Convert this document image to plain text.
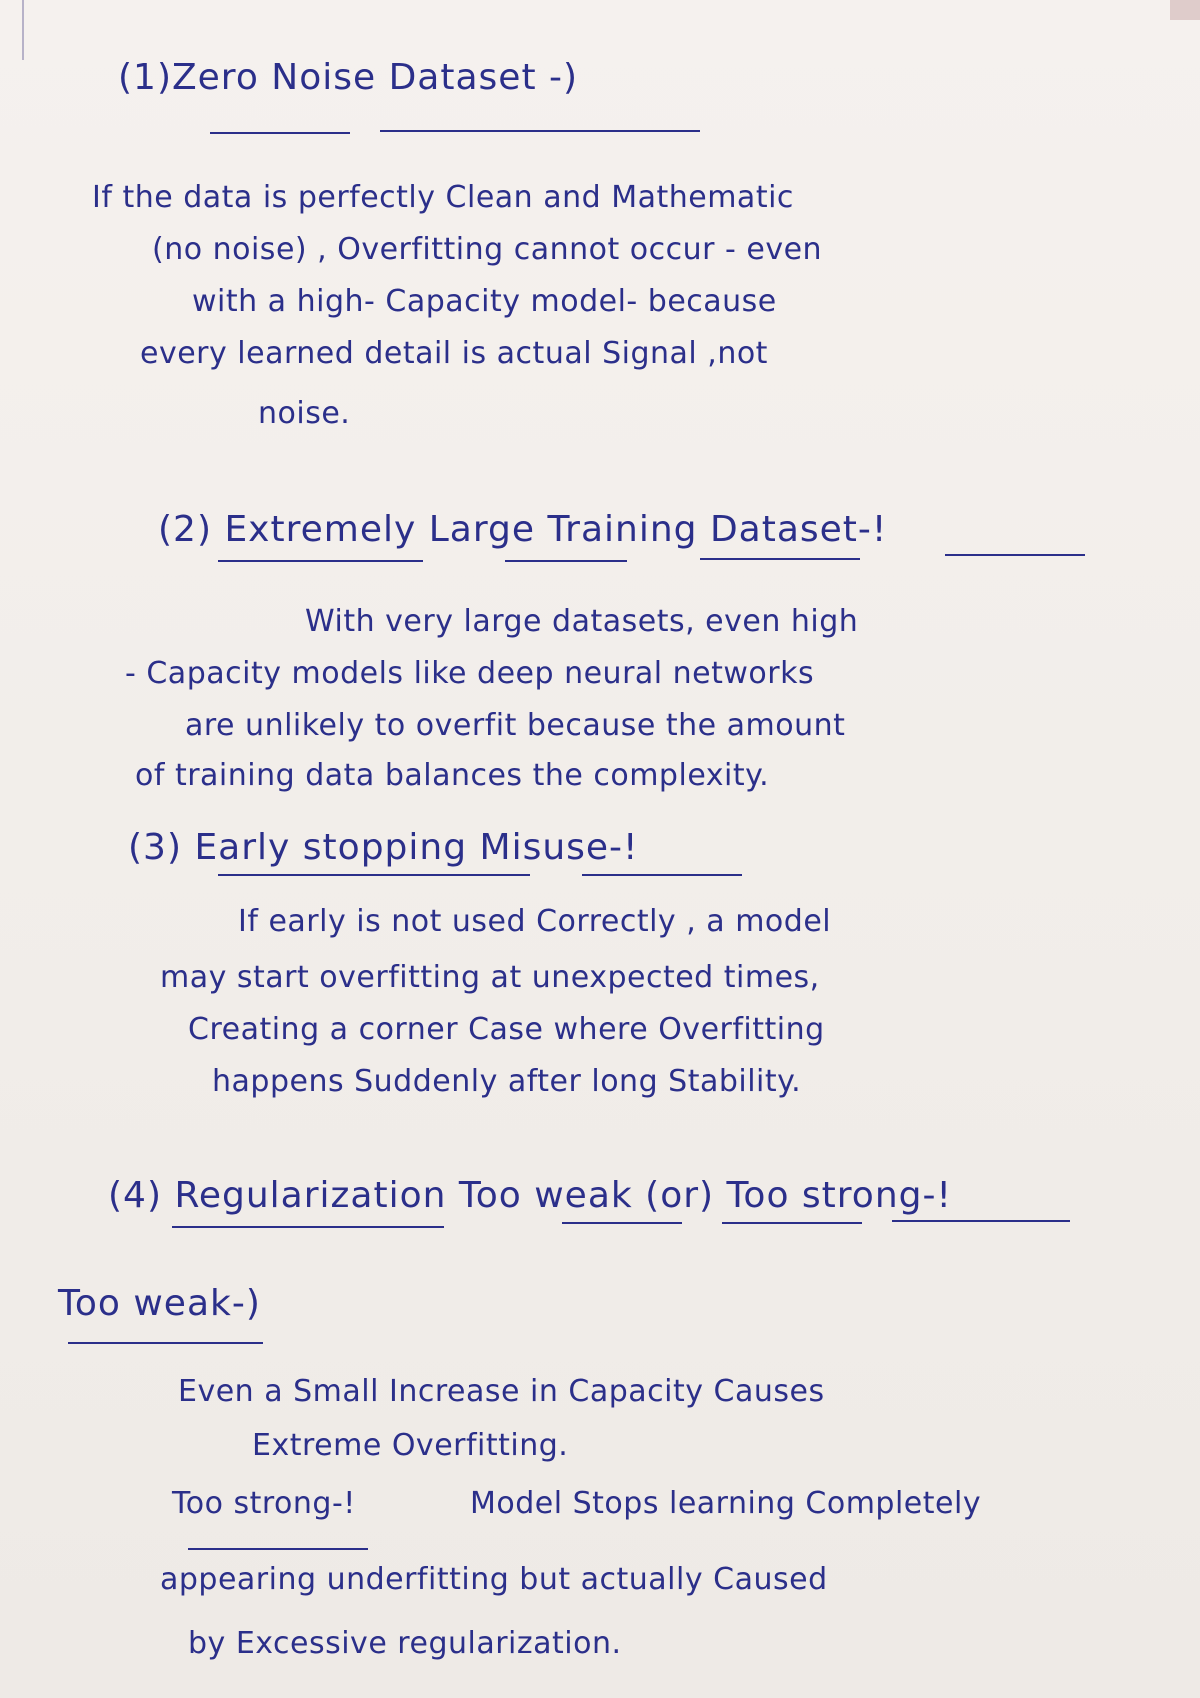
(1)Zero Noise Dataset -)
If the data is perfectly Clean and Mathematic
(no noise) , Overfitting cannot occur - even
with a high- Capacity model- because
every learned detail is actual Signal ,not
noise.
(2) Extremely Large Training Dataset-!
With very large datasets, even high
- Capacity models like deep neural networks
are unlikely to overfit because the amount
of training data balances the complexity.
(3) Early stopping Misuse-!
If early is not used Correctly , a model
may start overfitting at unexpected times,
Creating a corner Case where Overfitting
happens Suddenly after long Stability.
(4) Regularization Too weak (or) Too strong-!
Too weak-)
Even a Small Increase in Capacity Causes
Extreme Overfitting.
Too strong-!	Model Stops learning Completely
appearing underfitting but actually Caused
by Excessive regularization.
